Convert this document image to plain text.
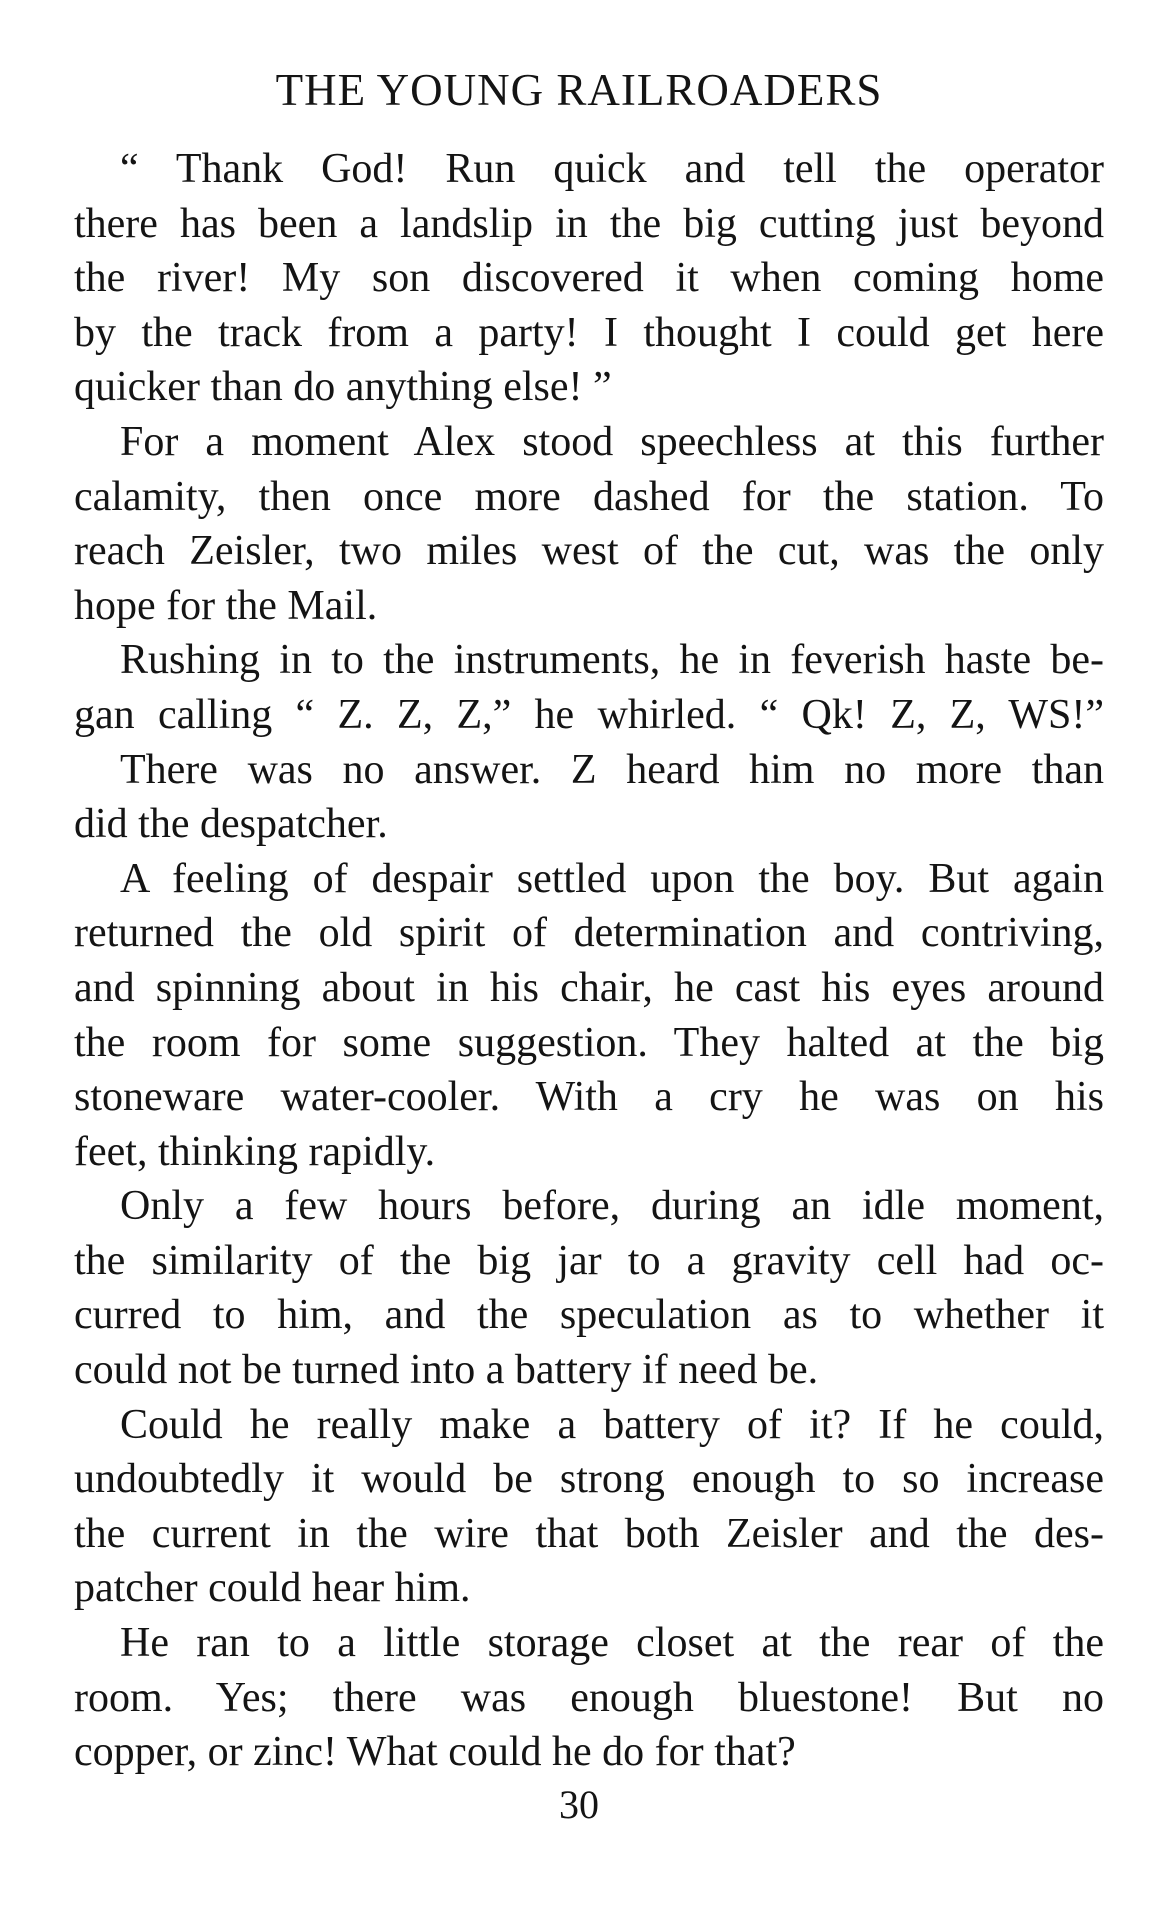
THE YOUNG RAILROADERS

“ Thank God! Run quick and tell the operator
there has been a landslip in the big cutting just beyond
the river! My son discovered it when coming home
by the track from a party! I thought I could get here
quicker than do anything else! ”

For a moment Alex stood speechless at this further
calamity, then once more dashed for the station. To
reach Zeisler, two miles west of the cut, was the only
hope for the Mail.

Rushing in to the instruments, he in feverish haste be-
gan calling “ Z. Z, Z,” he whirled. “ Qk! Z, Z, WS!”

There was no answer. Z heard him no more than
did the despatcher.

A feeling of despair settled upon the boy. But again
returned the old spirit of determination and contriving,
and spinning about in his chair, he cast his eyes around
the room for some suggestion. They halted at the big
stoneware water-cooler. With a cry he was on his
feet, thinking rapidly.

Only a few hours before, during an idle moment,
the similarity of the big jar to a gravity cell had oc-
curred to him, and the speculation as to whether it
could not be turned into a battery if need be.

Could he really make a battery of it? If he could,
undoubtedly it would be strong enough to so increase
the current in the wire that both Zeisler and the des-
patcher could hear him.

He ran to a little storage closet at the rear of the
room. Yes; there was enough bluestone! But no
copper, or zinc! What could he do for that?

30
